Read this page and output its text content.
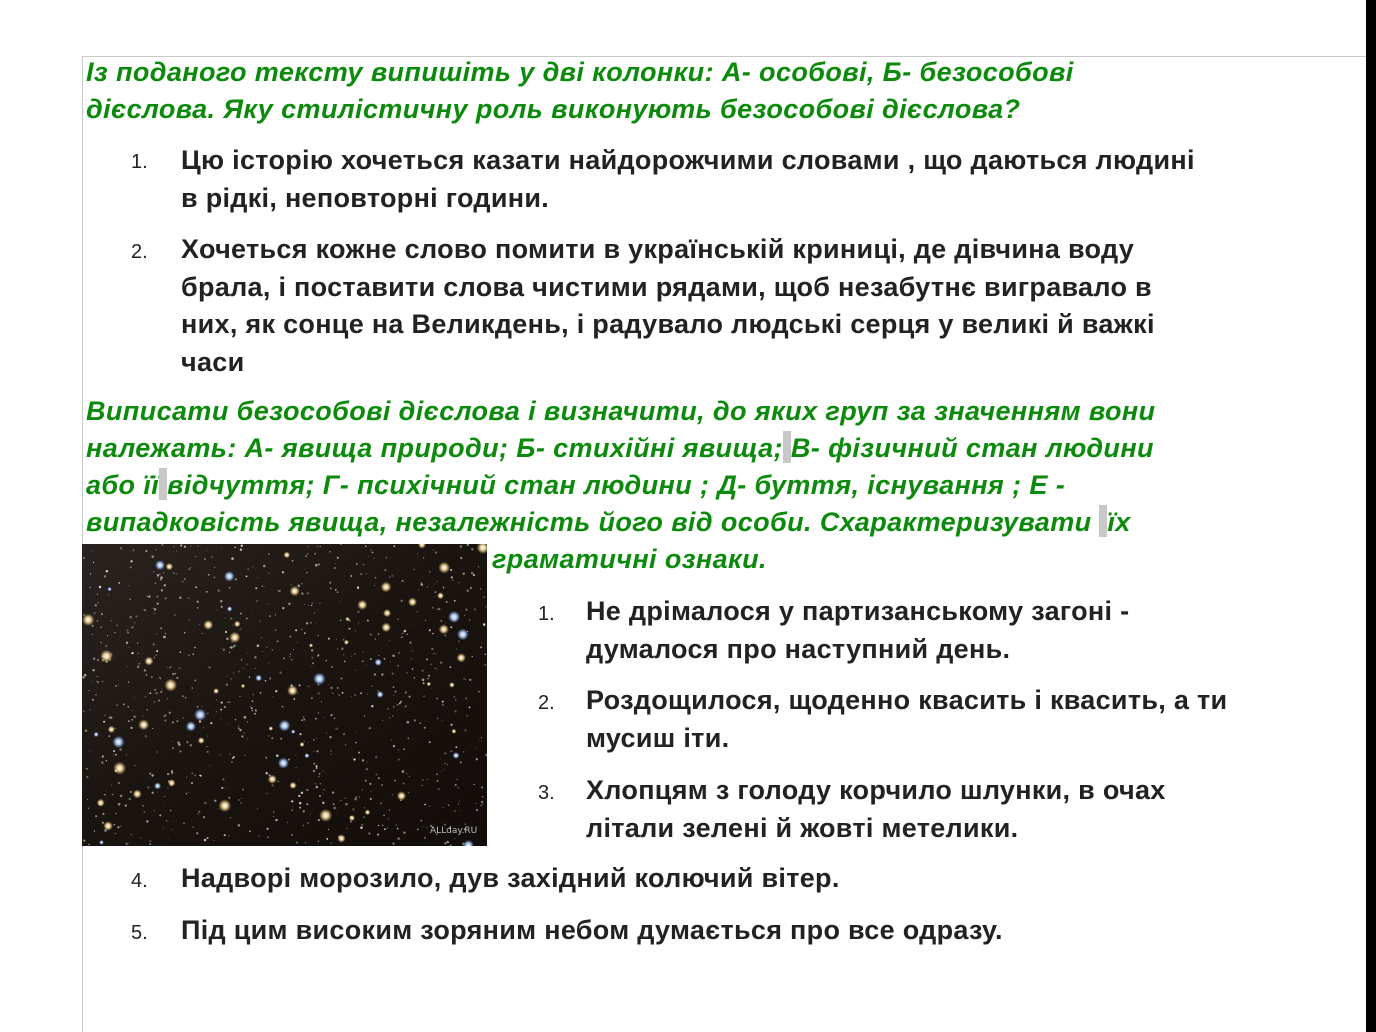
Із поданого тексту випишіть у дві колонки: А- особові, Б- безособові
дієслова. Яку стилістичну роль виконують безособові дієслова?

1. Цю історію хочеться казати найдорожчими словами , що даються людині
в рідкі, неповторні години.
2. Хочеться кожне слово помити в українській криниці, де дівчина воду
брала, і поставити слова чистими рядами, щоб незабутнє вигравало в
них, як сонце на Великдень, і радувало людські серця у великі й важкі
часи

Виписати безособові дієслова і визначити, до яких груп за значенням вони
належать: А- явища природи; Б- стихійні явища; В- фізичний стан людини
або її відчуття; Г- психічний стан людини ; Д- буття, існування ; Е -
випадковість явища, незалежність його від особи. Схарактеризувати їх

граматичні ознаки.

ALLday.RU
1. Не дрімалося у партизанському загоні -
думалося про наступний день.
2. Роздощилося, щоденно квасить і квасить, а ти
мусиш іти.
3. Хлопцям з голоду корчило шлунки, в очах
літали зелені й жовті метелики.
4. Надворі морозило, дув західний колючий вітер.
5. Під цим високим зоряним небом думається про все одразу.
